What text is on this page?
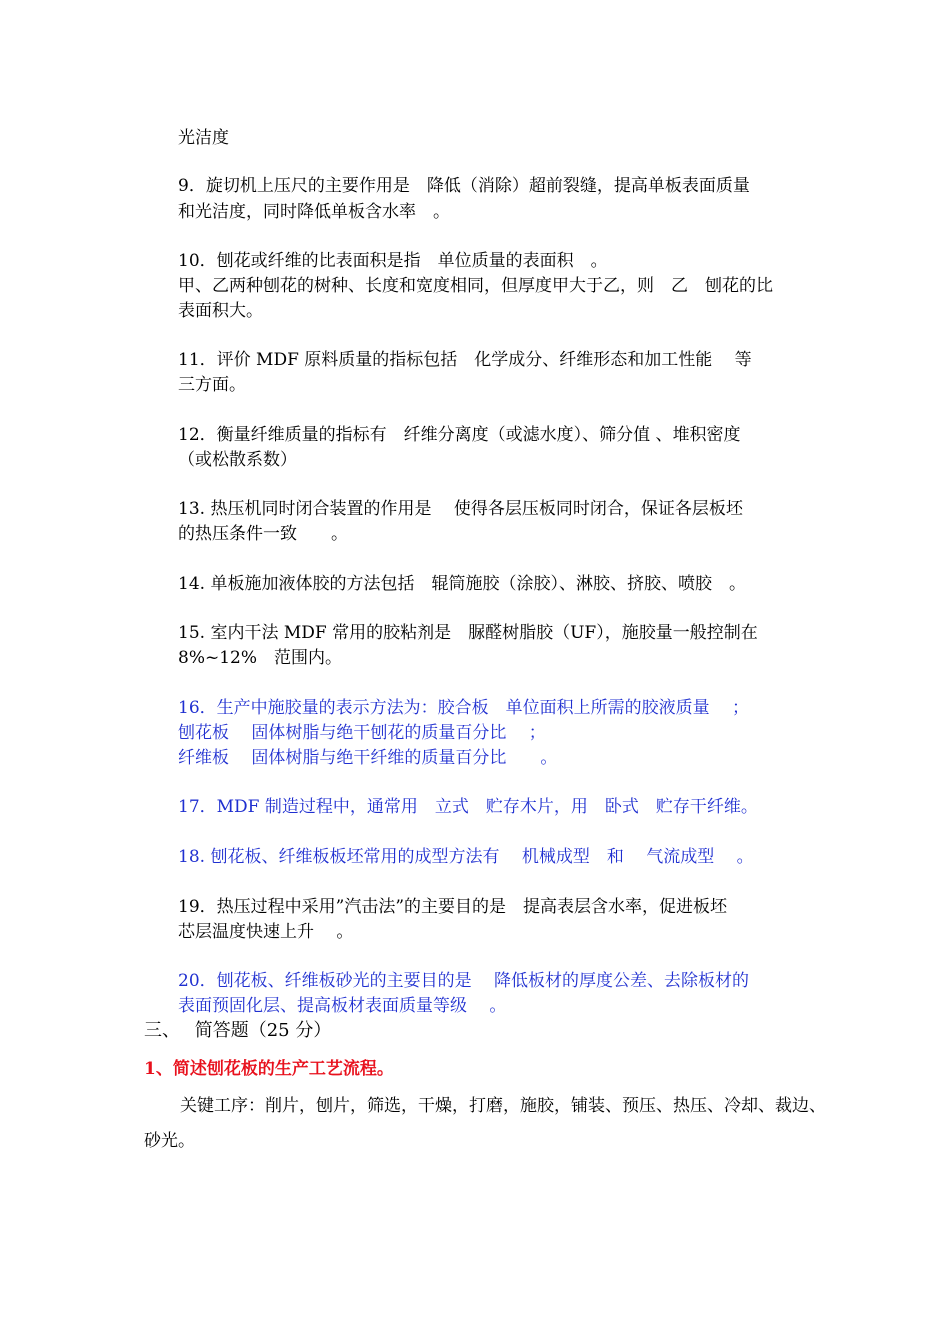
光洁度
9．旋切机上压尺的主要作用是　降低（消除）超前裂缝，提高单板表面质量
和光洁度，同时降低单板含水率　。
10．刨花或纤维的比表面积是指　单位质量的表面积　。
甲、乙两种刨花的树种、长度和宽度相同，但厚度甲大于乙，则　乙　刨花的比
表面积大。
11．评价 MDF 原料质量的指标包括　化学成分、纤维形态和加工性能　 等
三方面。
12．衡量纤维质量的指标有　纤维分离度（或滤水度）、筛分值 、堆积密度
（或松散系数）
13. 热压机同时闭合装置的作用是　 使得各层压板同时闭合，保证各层板坯
的热压条件一致　　。
14. 单板施加液体胶的方法包括　辊筒施胶（涂胶）、淋胶、挤胶、喷胶　。
15. 室内干法 MDF 常用的胶粘剂是　脲醛树脂胶（UF），施胶量一般控制在
8%~12%　范围内。
16．生产中施胶量的表示方法为：胶合板　单位面积上所需的胶液质量　 ；
刨花板　 固体树脂与绝干刨花的质量百分比　 ；
纤维板　 固体树脂与绝干纤维的质量百分比　　。
17．MDF 制造过程中，通常用　立式　贮存木片，用　卧式　贮存干纤维。
18. 刨花板、纤维板板坯常用的成型方法有　 机械成型　和　 气流成型　 。
19．热压过程中采用”汽击法”的主要目的是　提高表层含水率，促进板坯
芯层温度快速上升　 。
20．刨花板、纤维板砂光的主要目的是　 降低板材的厚度公差、去除板材的
表面预固化层、提高板材表面质量等级　 。
三、　 简答题（25 分）
1、简述刨花板的生产工艺流程。
关键工序：削片，刨片，筛选，干燥，打磨，施胶，铺装、预压、热压、冷却、裁边、
砂光。
